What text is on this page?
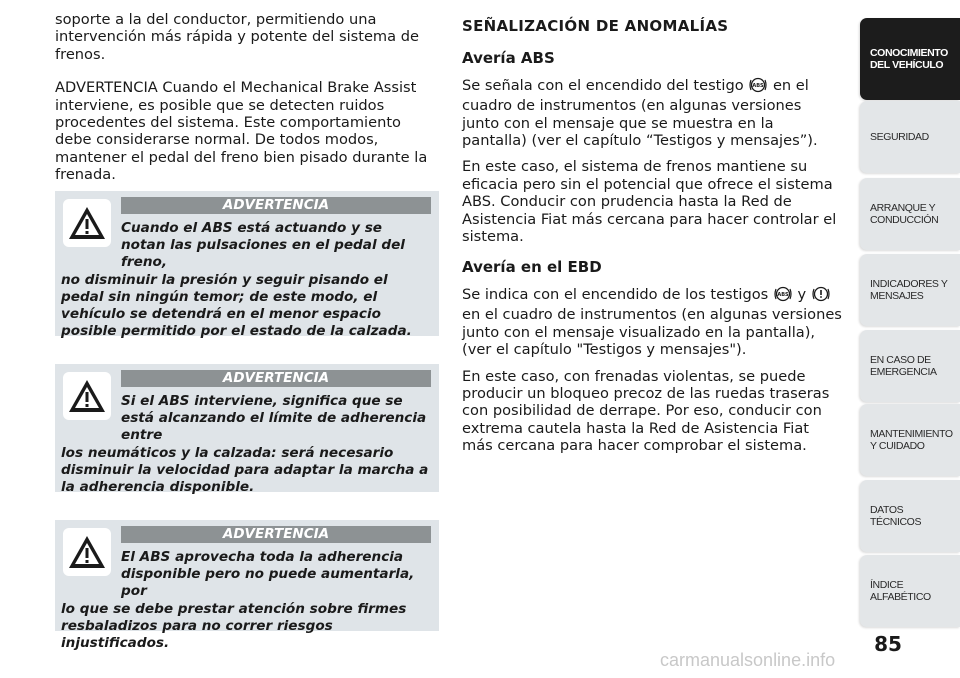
soporte a la del conductor, permitiendo una intervención más rápida y potente del sistema de frenos.

ADVERTENCIA Cuando el Mechanical Brake Assist interviene, es posible que se detecten ruidos procedentes del sistema. Este comportamiento debe considerarse normal. De todos modos, mantener el pedal del freno bien pisado durante la frenada.

ADVERTENCIA
Cuando el ABS está actuando y se notan las pulsaciones en el pedal del freno,
no disminuir la presión y seguir pisando el pedal sin ningún temor; de este modo, el vehículo se detendrá en el menor espacio posible permitido por el estado de la calzada.
ADVERTENCIA
Si el ABS interviene, significa que se está alcanzando el límite de adherencia entre
los neumáticos y la calzada: será necesario disminuir la velocidad para adaptar la marcha a la adherencia disponible.
ADVERTENCIA
El ABS aprovecha toda la adherencia disponible pero no puede aumentarla, por
lo que se debe prestar atención sobre firmes resbaladizos para no correr riesgos injustificados.
SEÑALIZACIÓN DE ANOMALÍAS
Avería ABS

Se señala con el encendido del testigo ABS en el cuadro de instrumentos (en algunas versiones junto con el mensaje que se muestra en la pantalla) (ver el capítulo “Testigos y mensajes”).

En este caso, el sistema de frenos mantiene su eficacia pero sin el potencial que ofrece el sistema ABS. Conducir con prudencia hasta la Red de Asistencia Fiat más cercana para hacer controlar el sistema.

Avería en el EBD

Se indica con el encendido de los testigos ABS y  en el cuadro de instrumentos (en algunas versiones junto con el mensaje visualizado en la pantalla), (ver el capítulo "Testigos y mensajes").

En este caso, con frenadas violentas, se puede producir un bloqueo precoz de las ruedas traseras con posibilidad de derrape. Por eso, conducir con extrema cautela hasta la Red de Asistencia Fiat más cercana para hacer comprobar el sistema.

CONOCIMIENTO DEL VEHÍCULO
SEGURIDAD
ARRANQUE Y CONDUCCIÓN
INDICADORES Y MENSAJES
EN CASO DE EMERGENCIA
MANTENIMIENTO Y CUIDADO
DATOS TÉCNICOS
ÍNDICE ALFABÉTICO
85
carmanualsonline.info
